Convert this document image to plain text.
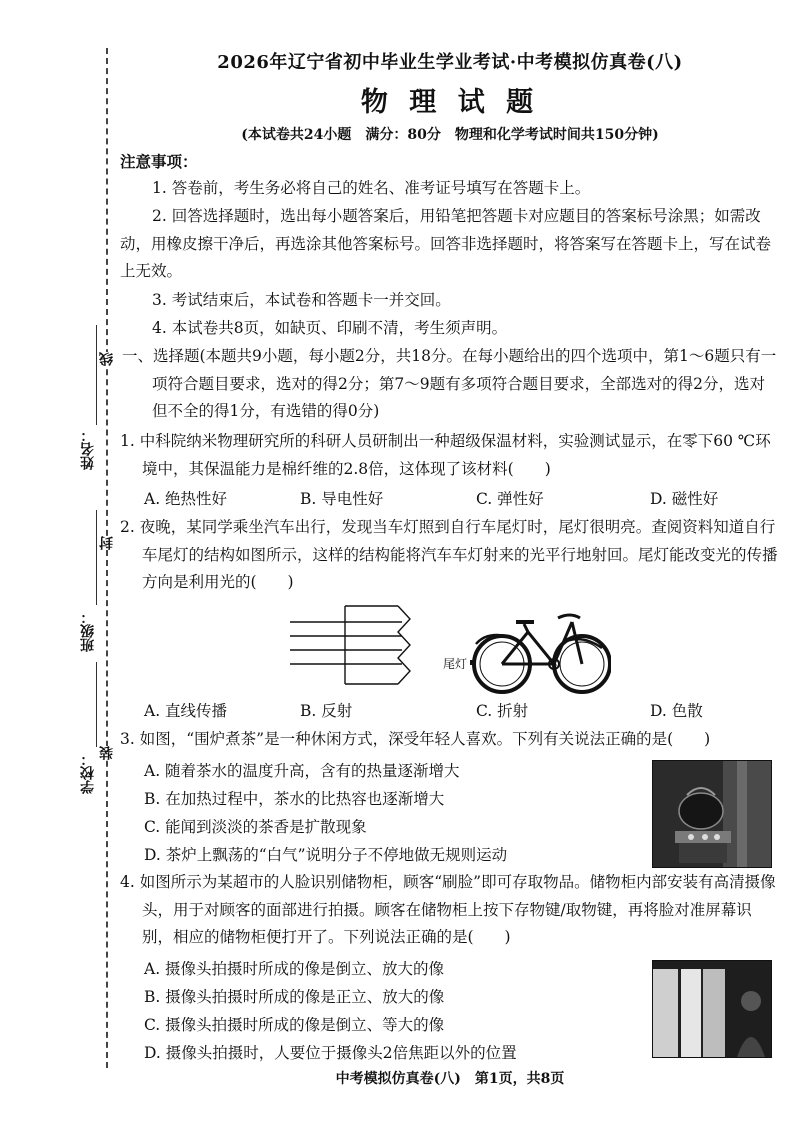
线
封
装
姓名：
班级：
学校：
2026年辽宁省初中毕业生学业考试·中考模拟仿真卷(八)
物 理 试 题
(本试卷共24小题　满分：80分　物理和化学考试时间共150分钟)
注意事项：
1. 答卷前，考生务必将自己的姓名、准考证号填写在答题卡上。
2. 回答选择题时，选出每小题答案后，用铅笔把答题卡对应题目的答案标号涂黑；如需改动，用橡皮擦干净后，再选涂其他答案标号。回答非选择题时，将答案写在答题卡上，写在试卷上无效。
3. 考试结束后，本试卷和答题卡一并交回。
4. 本试卷共8页，如缺页、印刷不清，考生须声明。
一、选择题(本题共9小题，每小题2分，共18分。在每小题给出的四个选项中，第1～6题只有一项符合题目要求，选对的得2分；第7～9题有多项符合题目要求，全部选对的得2分，选对但不全的得1分，有选错的得0分)
1. 中科院纳米物理研究所的科研人员研制出一种超级保温材料，实验测试显示，在零下60 ℃环境中，其保温能力是棉纤维的2.8倍，这体现了该材料(　　)
A. 绝热性好	B. 导电性好	C. 弹性好	D. 磁性好
2. 夜晚，某同学乘坐汽车出行，发现当车灯照到自行车尾灯时，尾灯很明亮。查阅资料知道自行车尾灯的结构如图所示，这样的结构能将汽车车灯射来的光平行地射回。尾灯能改变光的传播方向是利用光的(　　)
尾灯
A. 直线传播	B. 反射	C. 折射	D. 色散
3. 如图，“围炉煮茶”是一种休闲方式，深受年轻人喜欢。下列有关说法正确的是(　　)
A. 随着茶水的温度升高，含有的热量逐渐增大
B. 在加热过程中，茶水的比热容也逐渐增大
C. 能闻到淡淡的茶香是扩散现象
D. 茶炉上飘荡的“白气”说明分子不停地做无规则运动
4. 如图所示为某超市的人脸识别储物柜，顾客“刷脸”即可存取物品。储物柜内部安装有高清摄像头，用于对顾客的面部进行拍摄。顾客在储物柜上按下存物键/取物键，再将脸对准屏幕识别，相应的储物柜便打开了。下列说法正确的是(　　)
A. 摄像头拍摄时所成的像是倒立、放大的像
B. 摄像头拍摄时所成的像是正立、放大的像
C. 摄像头拍摄时所成的像是倒立、等大的像
D. 摄像头拍摄时，人要位于摄像头2倍焦距以外的位置
中考模拟仿真卷(八)　第1页，共8页
